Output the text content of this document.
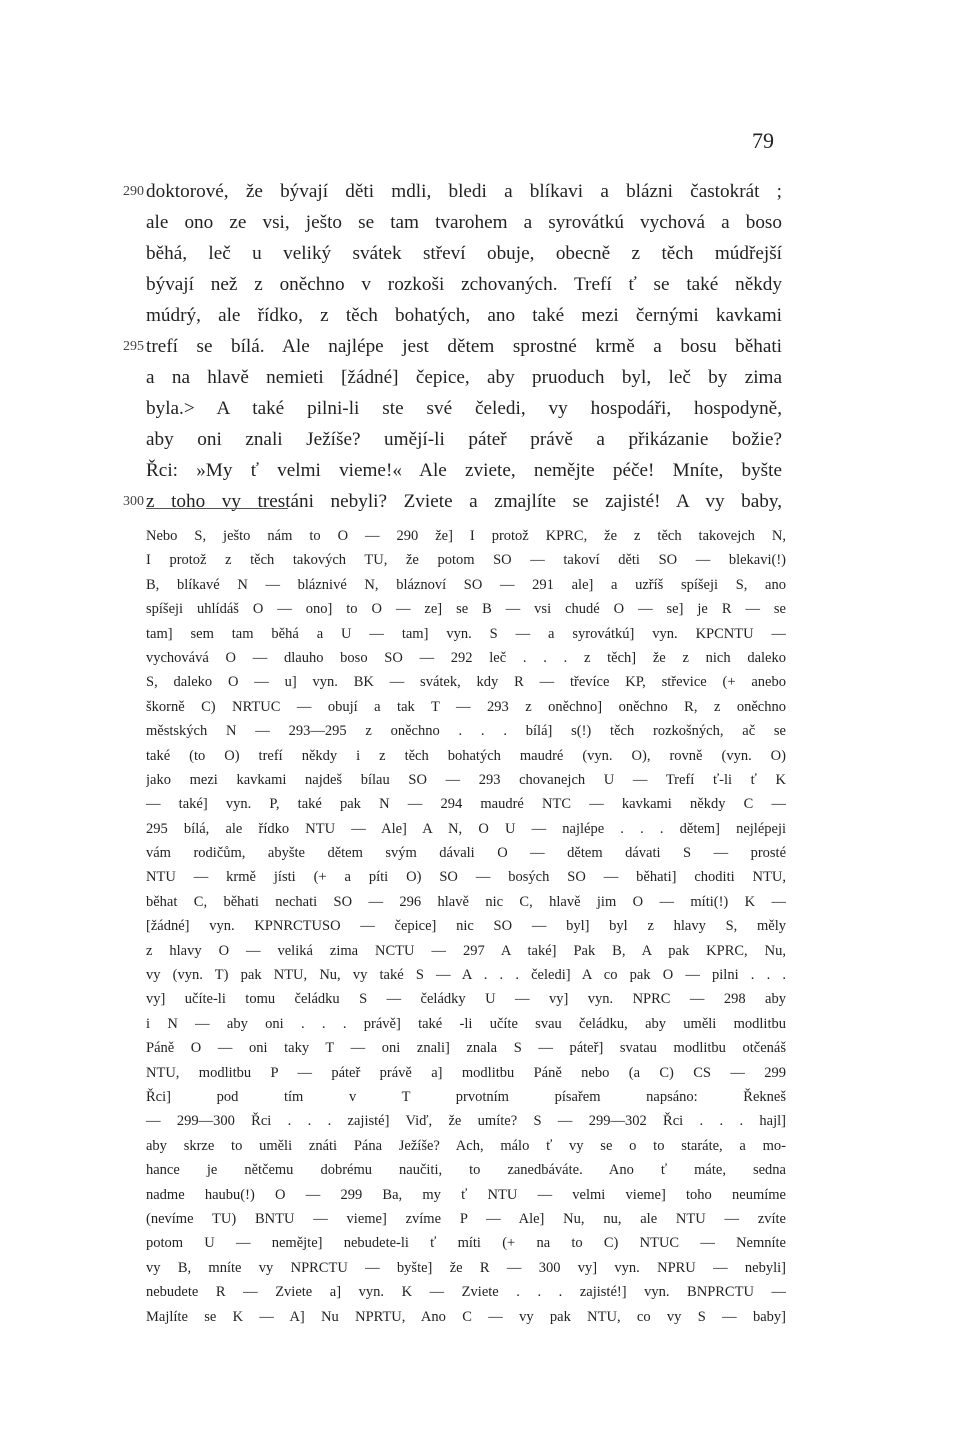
79
290 doktorové, že bývají děti mdli, bledi a blíkavi a blázni častokrát ;
ale ono ze vsi, ješto se tam tvarohem a syrovátkú vychová a boso
běhá, leč u veliký svátek střeví obuje, obecně z těch múdřejší
bývají než z oněchno v rozkoši zchovaných. Trefí ť se také někdy
múdrý, ale řídko, z těch bohatých, ano také mezi černými kavkami
295 trefí se bílá. Ale najlépe jest dětem sprostné krmě a bosu běhati
a na hlavě nemieti [žádné] čepice, aby pruoduch byl, leč by zima
byla.> A také pilni-li ste své čeledi, vy hospodáři, hospodyně,
aby oni znali Ježíše? umějí-li páteř právě a přikázanie božie?
Řci: »My ť velmi vieme!« Ale zviete, nemějte péče! Mníte, byšte
300 z toho vy trestáni nebyli? Zviete a zmajlíte se zajisté! A vy baby,
Nebo S, ješto nám to O — 290 že] I protož KPRC, že z těch takovejch N,
I protož z těch takových TU, že potom SO — takoví děti SO — blekavi(!)
B, blíkavé N — bláznivé N, bláznoví SO — 291 ale] a uzříš spíšeji S, ano
spíšeji uhlídáš O — ono] to O — ze] se B — vsi chudé O — se] je R — se
tam] sem tam běhá a U — tam] vyn. S — a syrovátkú] vyn. KPCNTU —
vychovává O — dlauho boso SO — 292 leč . . . z těch] že z nich daleko
S, daleko O — u] vyn. BK — svátek, kdy R — třevíce KP, střevice (+ anebo
škorně C) NRTUC — obují a tak T — 293 z oněchno] oněchno R, z oněchno
městských N — 293—295 z oněchno . . . bílá] s(!) těch rozkošných, ač se
také (to O) trefí někdy i z těch bohatých maudré (vyn. O), rovně (vyn. O)
jako mezi kavkami najdeš bílau SO — 293 chovanejch U — Trefí ť-li ť K
— také] vyn. P, také pak N — 294 maudré NTC — kavkami někdy C —
295 bílá, ale řídko NTU — Ale] A N, O U — najlépe . . . dětem] nejlépeji
vám rodičům, abyšte dětem svým dávali O — dětem dávati S — prosté
NTU — krmě jísti (+ a píti O) SO — bosých SO — běhati] choditi NTU,
běhat C, běhati nechati SO — 296 hlavě nic C, hlavě jim O — míti(!) K —
[žádné] vyn. KPNRCTUSO — čepice] nic SO — byl] byl z hlavy S, měly
z hlavy O — veliká zima NCTU — 297 A také] Pak B, A pak KPRC, Nu,
vy (vyn. T) pak NTU, Nu, vy také S — A . . . čeledi] A co pak O — pilni . . .
vy] učíte-li tomu čeládku S — čeládky U — vy] vyn. NPRC — 298 aby
i N — aby oni . . . právě] také -li učíte svau čeládku, aby uměli modlitbu
Páně O — oni taky T — oni znali] znala S — páteř] svatau modlitbu otčenáš
NTU, modlitbu P — páteř právě a] modlitbu Páně nebo (a C) CS — 299
Řci] pod tím v T prvotním písařem napsáno: Řekneš
— 299—300 Řci . . . zajisté] Viď, že umíte? S — 299—302 Řci . . . hajl]
aby skrze to uměli znáti Pána Ježíše? Ach, málo ť vy se o to staráte, a mo-
hance je nětčemu dobrému naučiti, to zanedbáváte. Ano ť máte, sedna
nadme haubu(!) O — 299 Ba, my ť NTU — velmi vieme] toho neumíme
(nevíme TU) BNTU — vieme] zvíme P — Ale] Nu, nu, ale NTU — zvíte
potom U — nemějte] nebudete-li ť míti (+ na to C) NTUC — Nemníte
vy B, mníte vy NPRCTU — byšte] že R — 300 vy] vyn. NPRU — nebyli]
nebudete R — Zviete a] vyn. K — Zviete . . . zajisté!] vyn. BNPRCTU —
Majlíte se K — A] Nu NPRTU, Ano C — vy pak NTU, co vy S — baby]
